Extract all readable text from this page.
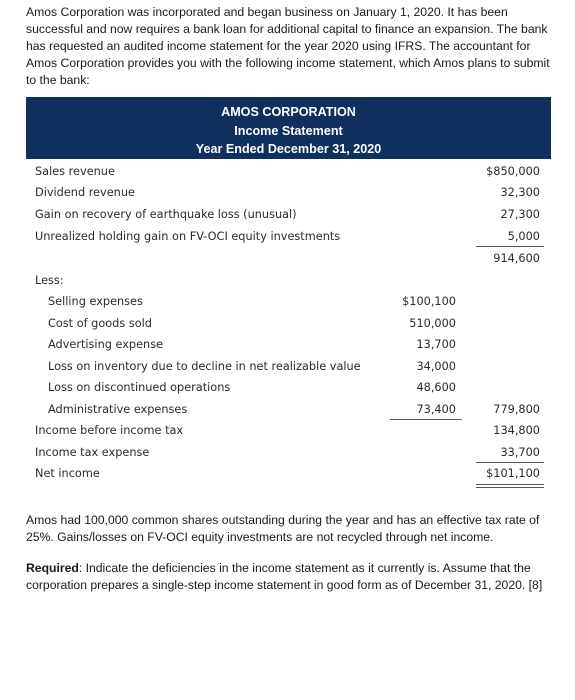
Amos Corporation was incorporated and began business on January 1, 2020. It has been successful and now requires a bank loan for additional capital to finance an expansion. The bank has requested an audited income statement for the year 2020 using IFRS. The accountant for Amos Corporation provides you with the following income statement, which Amos plans to submit to the bank:

AMOS CORPORATION
Income Statement
Year Ended December 31, 2020
Sales revenue	$850,000
Dividend revenue	32,300
Gain on recovery of earthquake loss (unusual)	27,300
Unrealized holding gain on FV-OCI equity investments	5,000
914,600
Less:
Selling expenses	$100,100
Cost of goods sold	510,000
Advertising expense	13,700
Loss on inventory due to decline in net realizable value	34,000
Loss on discontinued operations	48,600
Administrative expenses	73,400	779,800
Income before income tax	134,800
Income tax expense	33,700
Net income	$101,100

Amos had 100,000 common shares outstanding during the year and has an effective tax rate of 25%. Gains/losses on FV-OCI equity investments are not recycled through net income.

Required: Indicate the deficiencies in the income statement as it currently is. Assume that the corporation prepares a single-step income statement in good form as of December 31, 2020. [8]
